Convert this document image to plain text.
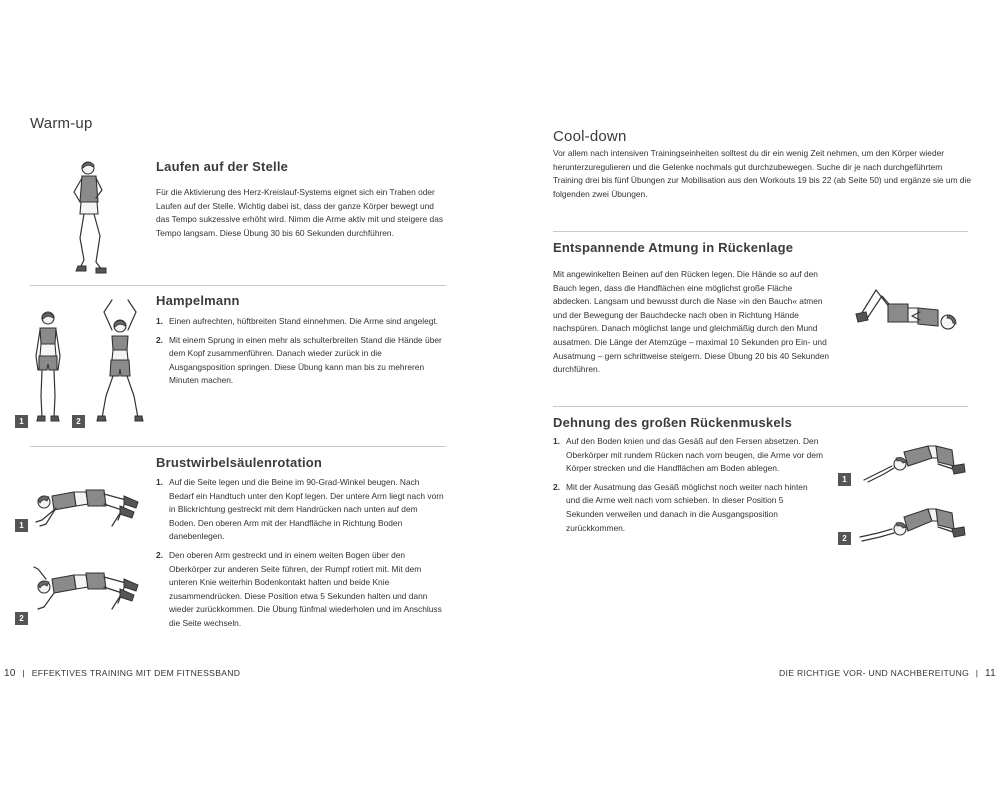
Warm-up
Laufen auf der Stelle
Für die Aktivierung des Herz-Kreislauf-Systems eignet sich ein Traben oder Laufen auf der Stelle. Wichtig dabei ist, dass der ganze Körper bewegt und das Tempo sukzessive erhöht wird. Nimm die Arme aktiv mit und steigere das Tempo langsam. Diese Übung 30 bis 60 Sekunden durchführen.
1	2
Hampelmann
1. Einen aufrechten, hüftbreiten Stand einnehmen. Die Arme sind angelegt.
2. Mit einem Sprung in einen mehr als schulterbreiten Stand die Hände über dem Kopf zusammenführen. Danach wieder zurück in die Ausgangsposition springen. Diese Übung kann man bis zu mehreren Minuten machen.
1
2
Brustwirbelsäulenrotation
1. Auf die Seite legen und die Beine im 90-Grad-Winkel beugen. Nach Bedarf ein Handtuch unter den Kopf legen. Der untere Arm liegt nach vorn in Blickrichtung gestreckt mit dem Handrücken nach unten auf dem Boden. Den oberen Arm mit der Handfläche in Richtung Boden danebenlegen.
2. Den oberen Arm gestreckt und in einem weiten Bogen über den Oberkörper zur anderen Seite führen, der Rumpf rotiert mit. Mit dem unteren Knie weiterhin Bodenkontakt halten und beide Knie zusammendrücken. Diese Position etwa 5 Sekunden halten und dann wieder zurückkommen. Die Übung fünfmal wiederholen und im Anschluss die Seite wechseln.
10 | EFFEKTIVES TRAINING MIT DEM FITNESSBAND
Cool-down
Vor allem nach intensiven Trainingseinheiten solltest du dir ein wenig Zeit nehmen, um den Körper wieder herunterzuregulieren und die Gelenke nochmals gut durchzubewegen. Suche dir je nach durchgeführtem Training drei bis fünf Übungen zur Mobilisation aus den Workouts 19 bis 22 (ab Seite 50) und ergänze sie um die folgenden zwei Übungen.
Entspannende Atmung in Rückenlage
Mit angewinkelten Beinen auf den Rücken legen. Die Hände so auf den Bauch legen, dass die Handflächen eine möglichst große Fläche abdecken. Langsam und bewusst durch die Nase »in den Bauch« atmen und der Bewegung der Bauchdecke nach oben in Richtung Hände nachspüren. Danach möglichst lange und gleichmäßig durch den Mund ausatmen. Die Länge der Atemzüge – maximal 10 Sekunden pro Ein- und Ausatmung – gern schrittweise steigern. Diese Übung 20 bis 40 Sekunden durchführen.
Dehnung des großen Rückenmuskels
1. Auf den Boden knien und das Gesäß auf den Fersen absetzen. Den Oberkörper mit rundem Rücken nach vorn beugen, die Arme vor dem Körper strecken und die Handflächen am Boden ablegen.
2. Mit der Ausatmung das Gesäß möglichst noch weiter nach hinten und die Arme weit nach vorn schieben. In dieser Position 5 Sekunden verweilen und danach in die Ausgangsposition zurückkommen.
1
2
DIE RICHTIGE VOR- UND NACHBEREITUNG | 11
